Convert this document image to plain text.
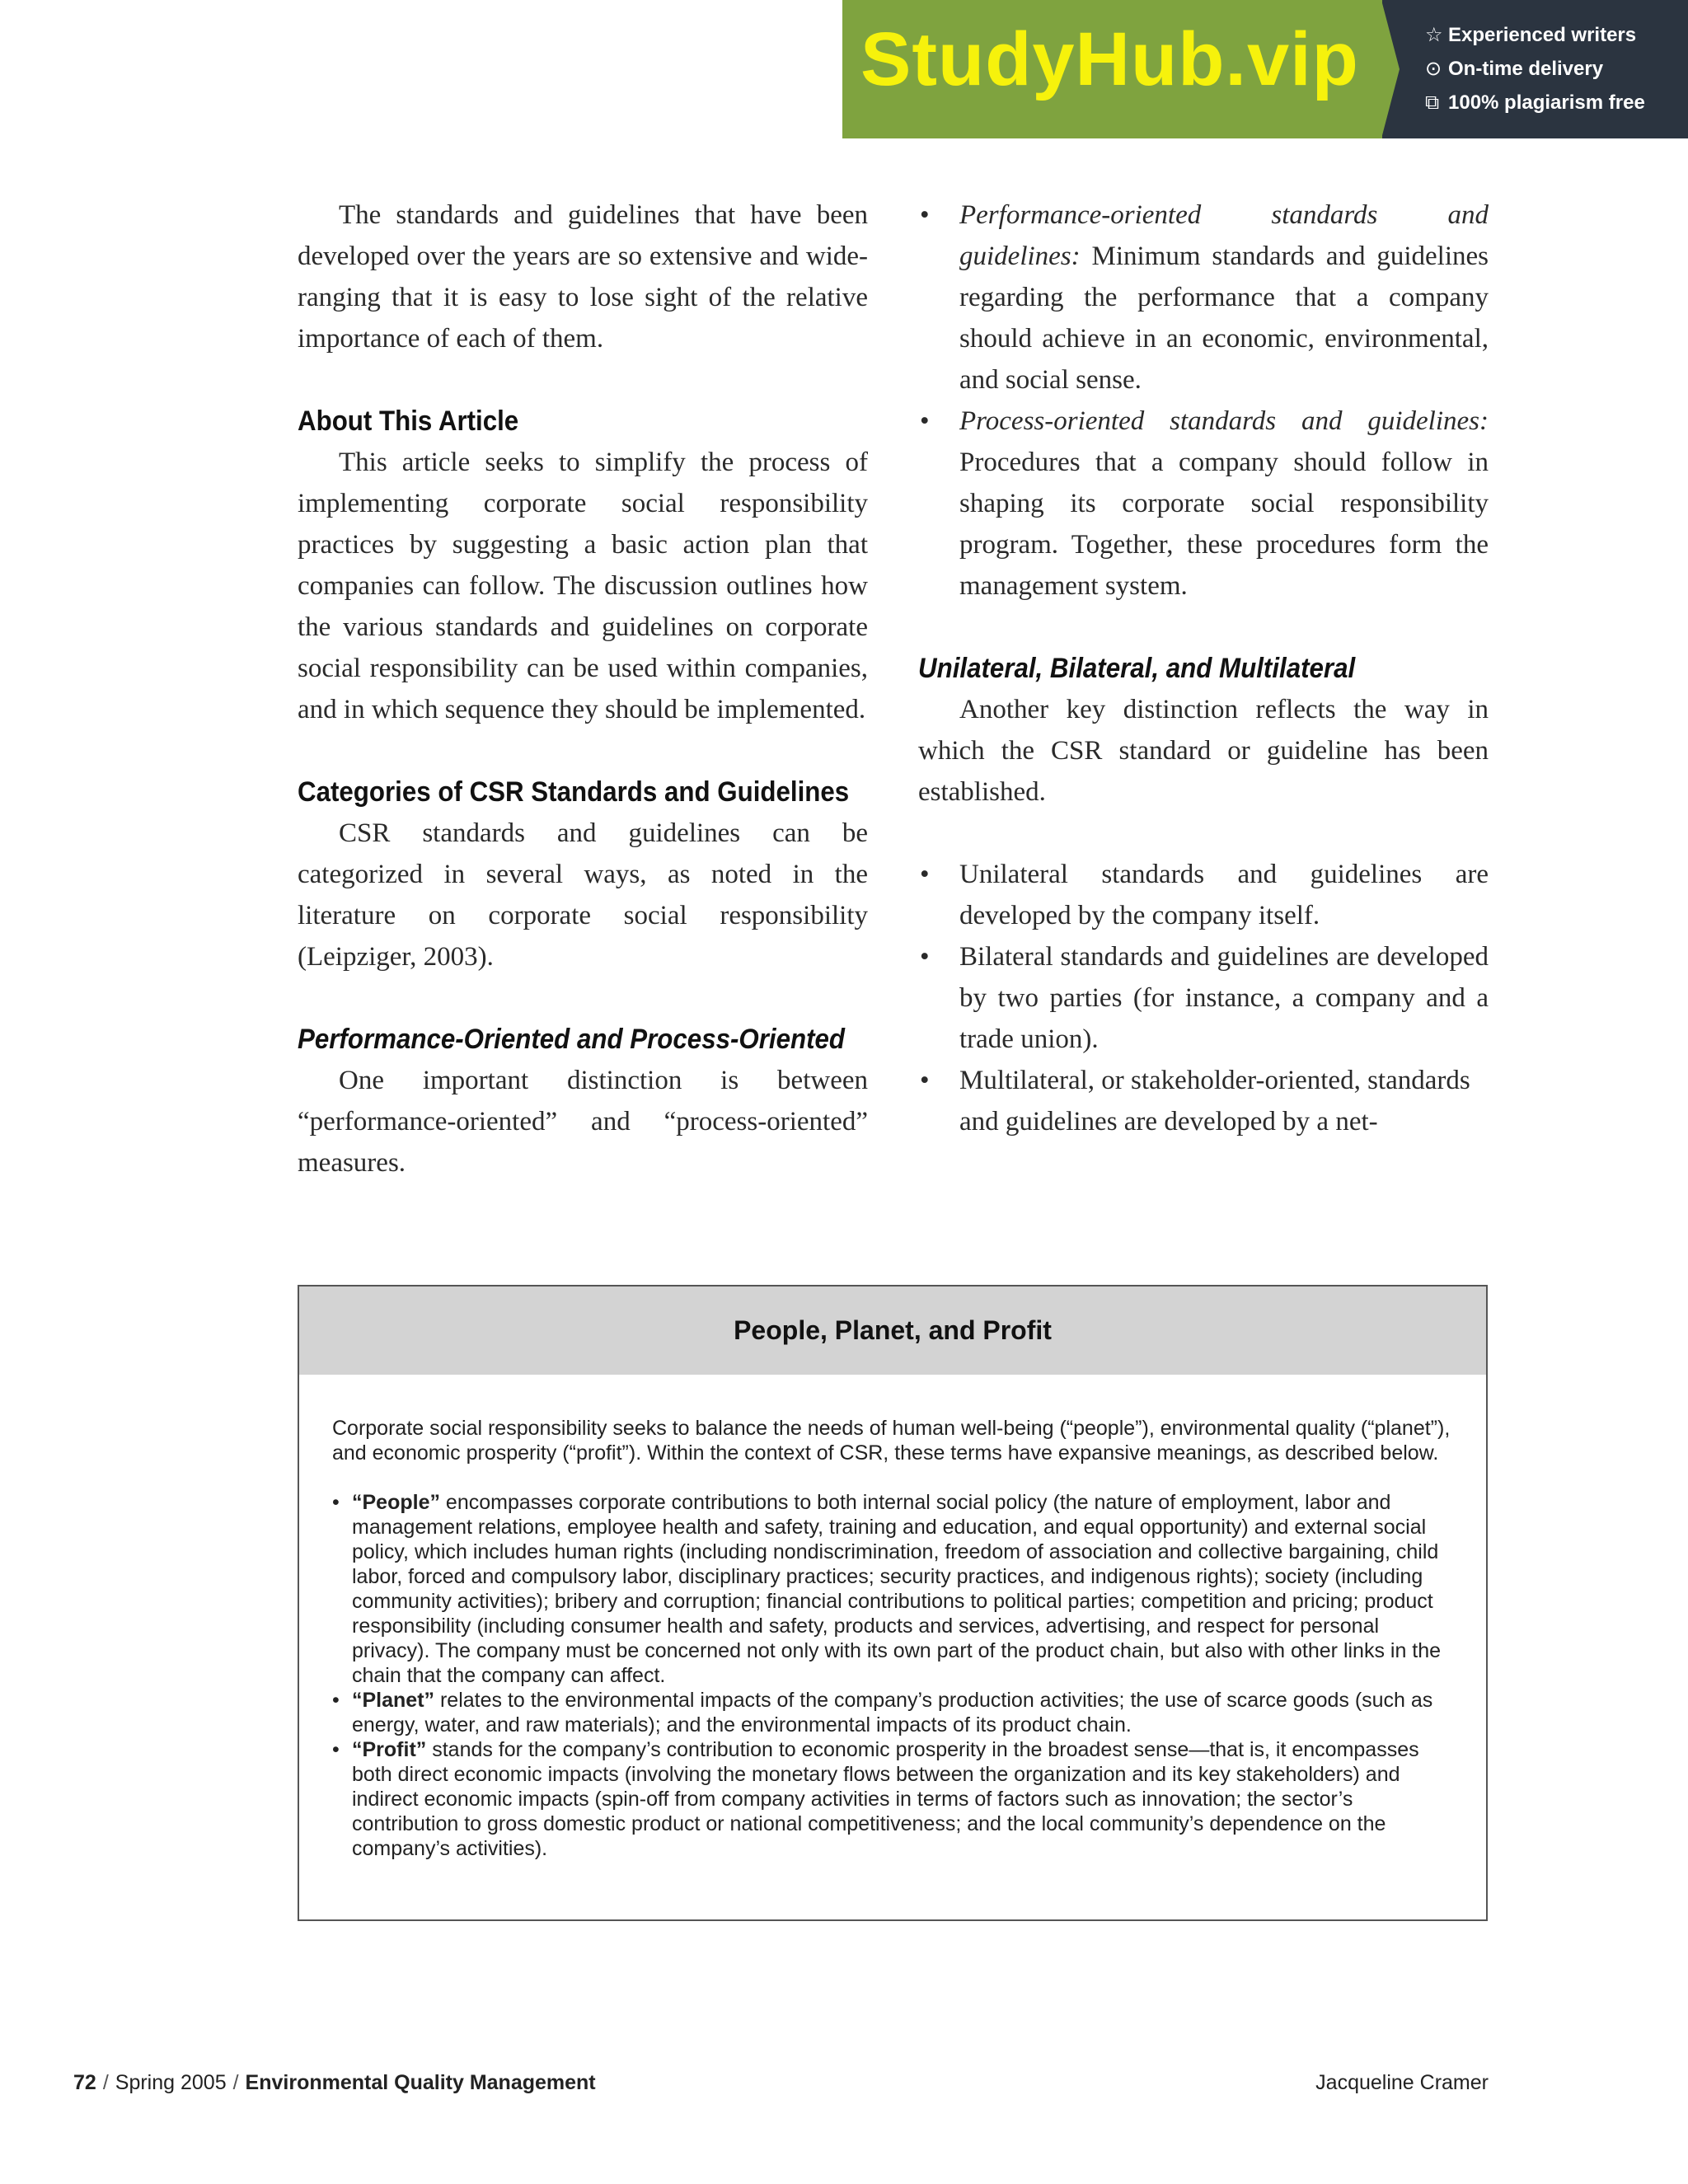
StudyHub.vip	☆ Experienced writers
⊙ On-time delivery
⧉ 100% plagiarism free

The standards and guidelines that have been developed over the years are so extensive and wide-ranging that it is easy to lose sight of the relative importance of each of them.

About This Article

This article seeks to simplify the process of implementing corporate social responsibility practices by suggesting a basic action plan that companies can follow. The discussion outlines how the various standards and guidelines on corporate social responsibility can be used within companies, and in which sequence they should be implemented.

Categories of CSR Standards and Guidelines

CSR standards and guidelines can be categorized in several ways, as noted in the literature on corporate social responsibility (Leipziger, 2003).

Performance-Oriented and Process-Oriented

One important distinction is between “performance-oriented” and “process-oriented” measures.

• Performance-oriented standards and guidelines: Minimum standards and guidelines regarding the performance that a company should achieve in an economic, environmental, and social sense.
• Process-oriented standards and guidelines: Procedures that a company should follow in shaping its corporate social responsibility program. Together, these procedures form the management system.
Unilateral, Bilateral, and Multilateral

Another key distinction reflects the way in which the CSR standard or guideline has been established.

• Unilateral standards and guidelines are developed by the company itself.
• Bilateral standards and guidelines are developed by two parties (for instance, a company and a trade union).
• Multilateral, or stakeholder-oriented, standards and guidelines are developed by a net-
People, Planet, and Profit

Corporate social responsibility seeks to balance the needs of human well-being (“people”), environmental quality (“planet”), and economic prosperity (“profit”). Within the context of CSR, these terms have expansive meanings, as described below.

• “People” encompasses corporate contributions to both internal social policy (the nature of employment, labor and management relations, employee health and safety, training and education, and equal opportunity) and external social policy, which includes human rights (including nondiscrimination, freedom of association and collective bargaining, child labor, forced and compulsory labor, disciplinary practices; security practices, and indigenous rights); society (including community activities); bribery and corruption; financial contributions to political parties; competition and pricing; product responsibility (including consumer health and safety, products and services, advertising, and respect for personal privacy). The company must be concerned not only with its own part of the product chain, but also with other links in the chain that the company can affect.
• “Planet” relates to the environmental impacts of the company’s production activities; the use of scarce goods (such as energy, water, and raw materials); and the environmental impacts of its product chain.
• “Profit” stands for the company’s contribution to economic prosperity in the broadest sense—that is, it encompasses both direct economic impacts (involving the monetary flows between the organization and its key stakeholders) and indirect economic impacts (spin-off from company activities in terms of factors such as innovation; the sector’s contribution to gross domestic product or national competitiveness; and the local community’s dependence on the company’s activities).
72 / Spring 2005 / Environmental Quality Management	Jacqueline Cramer
